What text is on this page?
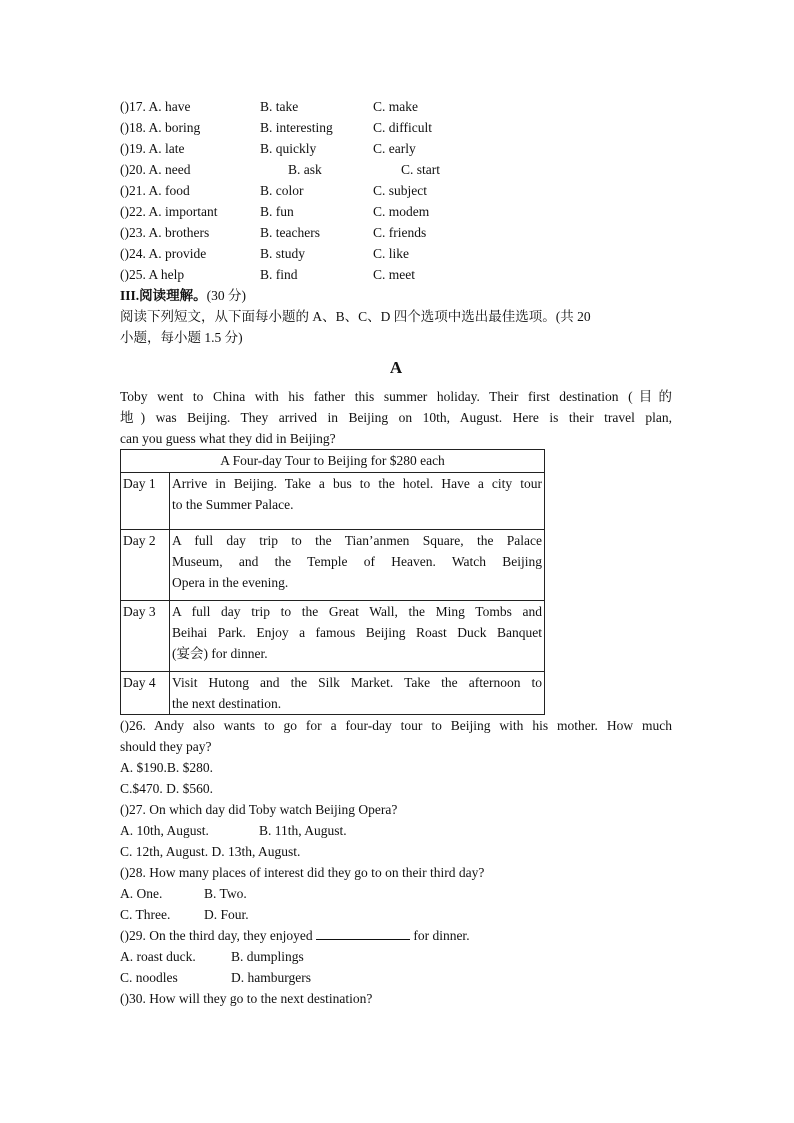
()17. A. have	B. take	C. make
()18. A. boring	B. interesting	C. difficult
()19. A. late	B. quickly	C. early
()20. A. need	B. ask	C. start
()21. A. food	B. color	C. subject
()22. A. important	B. fun	C. modem
()23. A. brothers	B. teachers	C. friends
()24. A. provide	B. study	C. like
()25. A help	B. find	C. meet
III.阅读理解。(30 分)
阅读下列短文，从下面每小题的 A、B、C、D 四个选项中选出最佳选项。(共 20
小题，每小题 1.5 分)
A
Toby went to China with his father this summer holiday. Their first destination (目的
地) was Beijing. They arrived in Beijing on 10th, August. Here is their travel plan,
can you guess what they did in Beijing?
A Four-day Tour to Beijing for $280 each	
Day 1	Arrive in Beijing. Take a bus to the hotel. Have a city tour
to the Summer Palace.
Day 2	A full day trip to the Tian’anmen Square, the Palace
Museum, and the Temple of Heaven. Watch Beijing
Opera in the evening.
Day 3	A full day trip to the Great Wall, the Ming Tombs and
Beihai Park. Enjoy a famous Beijing Roast Duck Banquet
(宴会) for dinner.
Day 4	Visit Hutong and the Silk Market. Take the afternoon to
the next destination.
()26. Andy also wants to go for a four-day tour to Beijing with his mother. How much
should they pay?
A. $190.B. $280.
C.$470. D. $560.
()27. On which day did Toby watch Beijing Opera?
A. 10th, August.	B. 11th, August.
C. 12th, August. D. 13th, August.
()28. How many places of interest did they go to on their third day?
A. One.	B. Two.
C. Three.	D. Four.
()29. On the third day, they enjoyed	for dinner.
A. roast duck.	B. dumplings
C. noodles	D. hamburgers
()30. How will they go to the next destination?
